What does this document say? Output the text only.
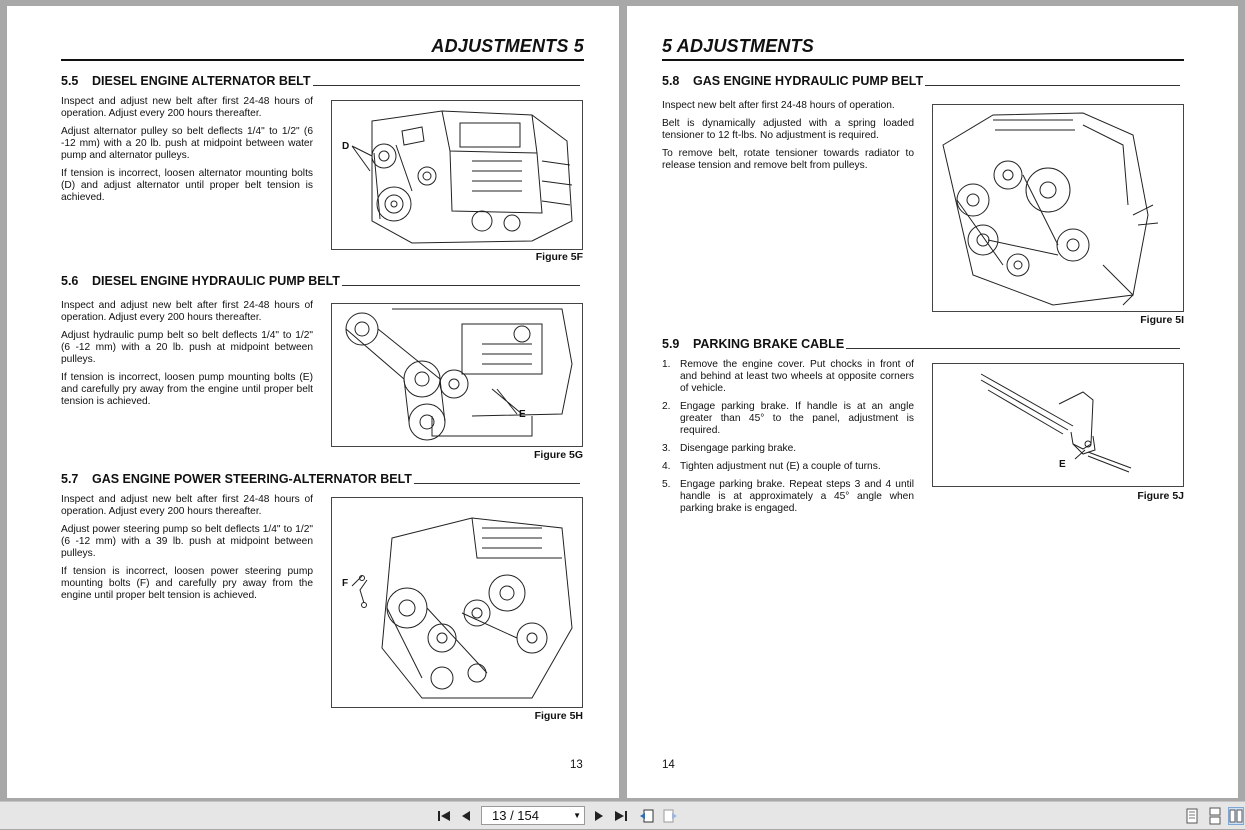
ADJUSTMENTS 5
5.5	DIESEL ENGINE ALTERNATOR BELT

Inspect and adjust new belt after first 24-48 hours of operation. Adjust every 200 hours thereafter.

Adjust alternator pulley so belt deflects 1/4" to 1/2" (6 -12 mm) with a 20 lb. push at midpoint between water pump and alternator pulleys.

If tension is incorrect, loosen alternator mounting bolts (D) and adjust alternator until proper belt tension is achieved.

D
Figure 5F
5.6	DIESEL ENGINE HYDRAULIC PUMP BELT

Inspect and adjust new belt after first 24-48 hours of operation. Adjust every 200 hours thereafter.

Adjust hydraulic pump belt so belt deflects 1/4" to 1/2" (6 -12 mm) with a 20 lb. push at midpoint between pulleys.

If tension is incorrect, loosen pump mounting bolts (E) and carefully pry away from the engine until proper belt tension is achieved.

E
Figure 5G
5.7	GAS ENGINE POWER STEERING-ALTERNATOR BELT

Inspect and adjust new belt after first 24-48 hours of operation. Adjust every 200 hours thereafter.

Adjust power steering pump so belt deflects 1/4" to 1/2" (6 -12 mm) with a 39 lb. push at midpoint between pulleys.

If tension is incorrect, loosen power steering pump mounting bolts (F) and carefully pry away from the engine until proper belt tension is achieved.

F
Figure 5H
13
5 ADJUSTMENTS
5.8	GAS ENGINE HYDRAULIC PUMP BELT

Inspect new belt after first 24-48 hours of operation.

Belt is dynamically adjusted with a spring loaded tensioner to 12 ft-lbs. No adjustment is required.

To remove belt, rotate tensioner towards radiator to release tension and remove belt from pulleys.

Figure 5I
5.9	PARKING BRAKE CABLE
1. Remove the engine cover. Put chocks in front of and behind at least two wheels at opposite corners of vehicle.
2. Engage parking brake. If handle is at an angle greater than 45° to the panel, adjustment is required.
3. Disengage parking brake.
4. Tighten adjustment nut (E) a couple of turns.
5. Engage parking brake. Repeat steps 3 and 4 until handle is at approximately a 45° angle when parking brake is engaged.
E
Figure 5J
14
13 / 154	▼
